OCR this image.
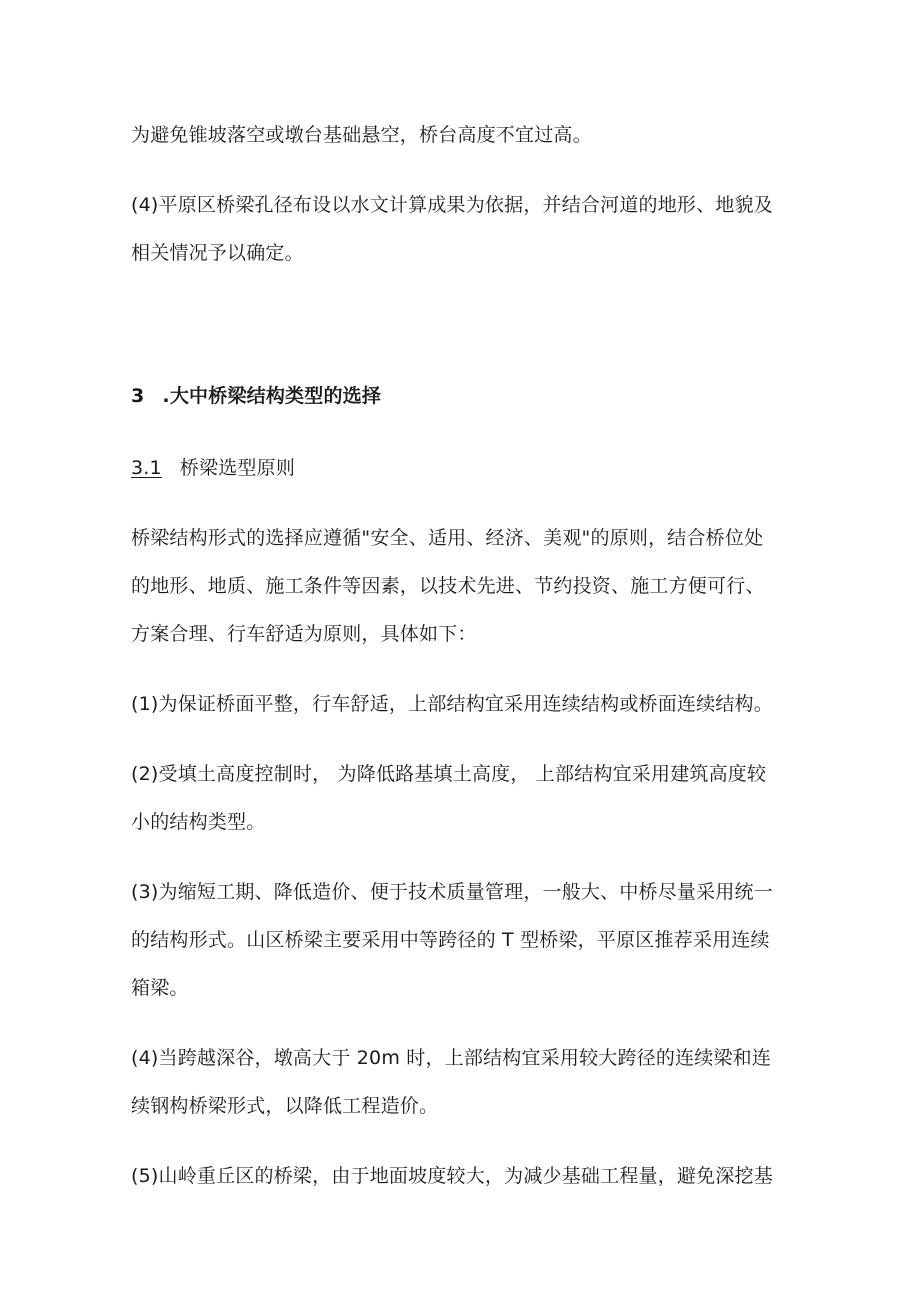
为避免锥坡落空或墩台基础悬空，桥台高度不宜过高。
(4)平原区桥梁孔径布设以水文计算成果为依据，并结合河道的地形、地貌及
相关情况予以确定。
3 .大中桥梁结构类型的选择
3.1 桥梁选型原则
桥梁结构形式的选择应遵循"安全、适用、经济、美观"的原则，结合桥位处
的地形、地质、施工条件等因素，以技术先进、节约投资、施工方便可行、
方案合理、行车舒适为原则，具体如下：
(1)为保证桥面平整，行车舒适，上部结构宜采用连续结构或桥面连续结构。
(2)受填土高度控制时， 为降低路基填土高度， 上部结构宜采用建筑高度较
小的结构类型。
(3)为缩短工期、降低造价、便于技术质量管理，一般大、中桥尽量采用统一
的结构形式。山区桥梁主要采用中等跨径的 T 型桥梁，平原区推荐采用连续
箱梁。
(4)当跨越深谷，墩高大于 20m 时，上部结构宜采用较大跨径的连续梁和连
续钢构桥梁形式，以降低工程造价。
(5)山岭重丘区的桥梁，由于地面坡度较大，为减少基础工程量，避免深挖基
